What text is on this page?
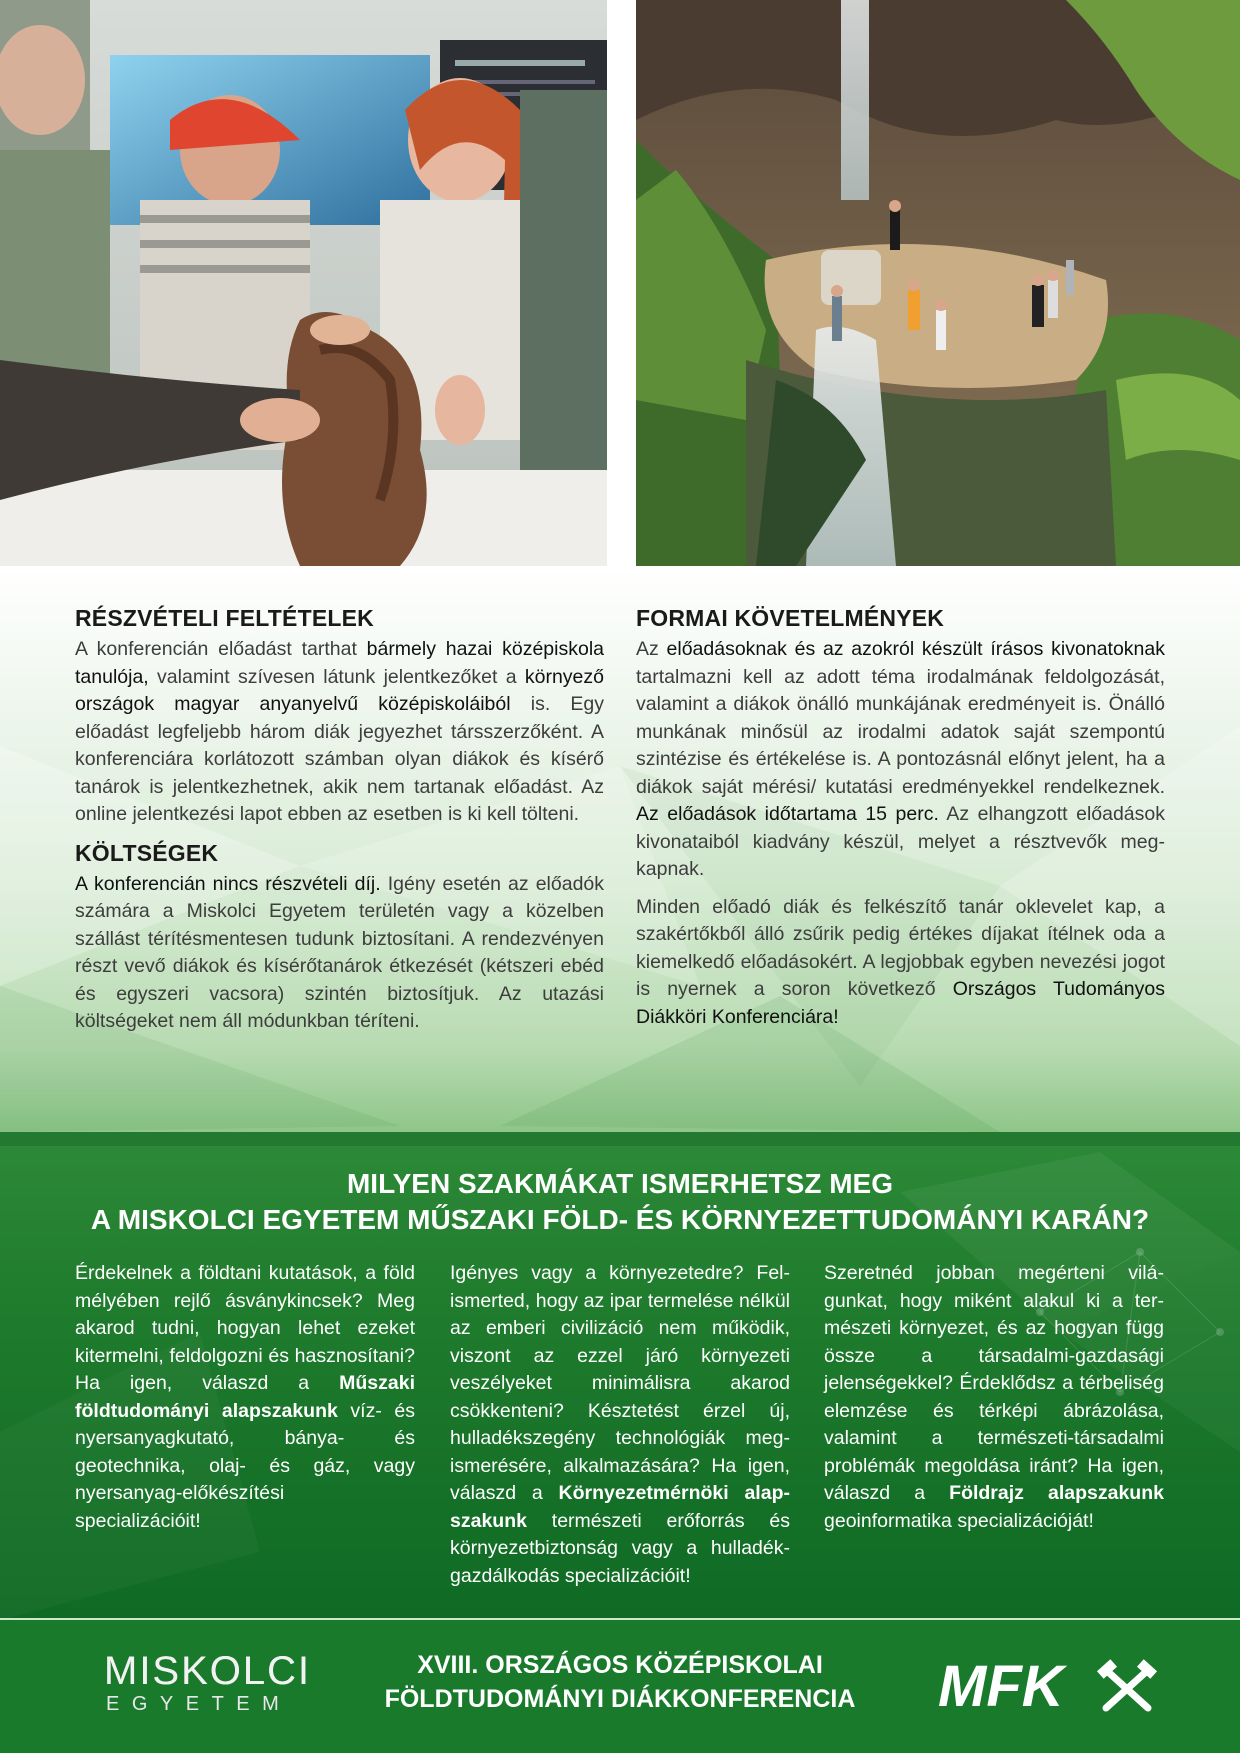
RÉSZVÉTELI FELTÉTELEK

A konferencián előadást tarthat bármely hazai középiskola tanulója, valamint szívesen látunk jelentkezőket a környező országok magyar anyanyelvű középiskoláiból is. Egy előadást legfeljebb három diák jegyezhet társszerzőként. A konferenciára korlátozott számban olyan diákok és kísérő tanárok is jelentkezhetnek, akik nem tartanak előadást. Az online jelentkezési lapot ebben az esetben is ki kell tölteni.

KÖLTSÉGEK

A konferencián nincs részvételi díj. Igény esetén az előadók számára a Miskolci Egyetem területén vagy a közelben szállást térítésmentesen tudunk biztosítani. A rendezvényen részt vevő diákok és kísérőtanárok étkezését (kétszeri ebéd és egyszeri vacsora) szintén biztosítjuk. Az utazási költségeket nem áll módunkban téríteni.

FORMAI KÖVETELMÉNYEK

Az előadásoknak és az azokról készült írásos kivonatoknak tartalmazni kell az adott téma irodalmának feldolgozását, valamint a diákok önálló munkájának eredményeit is. Önálló munkának minősül az irodalmi adatok saját szempontú szintézise és értékelése is. A pontozásnál előnyt jelent, ha a diákok saját mérési/ kutatási eredményekkel rendelkeznek. Az előadások időtartama 15 perc. Az elhangzott előadások kivonataiból kiadvány készül, melyet a résztvevők megkapnak.

Minden előadó diák és felkészítő tanár oklevelet kap, a szakértőkből álló zsűrik pedig értékes díjakat ítélnek oda a kiemelkedő előadásokért. A legjobbak egyben nevezési jogot is nyernek a soron következő Országos Tudományos Diákköri Konferenciára!

MILYEN SZAKMÁKAT ISMERHETSZ MEG
A MISKOLCI EGYETEM MŰSZAKI FÖLD- ÉS KÖRNYEZETTUDOMÁNYI KARÁN?
Érdekelnek a földtani kutatások, a föld mélyében rejlő ásványkincsek? Meg akarod tudni, hogyan lehet ezeket kitermelni, feldolgozni és hasznosítani? Ha igen, válaszd a Műszaki földtudományi alapszakunk víz- és nyersanyagkutató, bánya- és geotechnika, olaj- és gáz, vagy nyersanyag-előkészítési specializációit!
Igényes vagy a környezetedre? Felismerted, hogy az ipar termelése nélkül az emberi civilizáció nem működik, viszont az ezzel járó környezeti veszélyeket minimálisra akarod csökkenteni? Késztetést érzel új, hulladékszegény technológiák megismerésére, alkalmazására? Ha igen, válaszd a Környezetmérnöki alapszakunk természeti erőforrás és környezetbiztonság vagy a hulladékgazdálkodás specializációit!
Szeretnéd jobban megérteni világunkat, hogy miként alakul ki a természeti környezet, és az hogyan függ össze a társadalmi-gazdasági jelenségekkel? Érdeklődsz a térbeliség elemzése és térképi ábrázolása, valamint a természeti-társadalmi problémák megoldása iránt? Ha igen, válaszd a Földrajz alapszakunk geoinformatika specializációját!
MISKOLCI
EGYETEM
XVIII. ORSZÁGOS KÖZÉPISKOLAI
FÖLDTUDOMÁNYI DIÁKKONFERENCIA	MFK
